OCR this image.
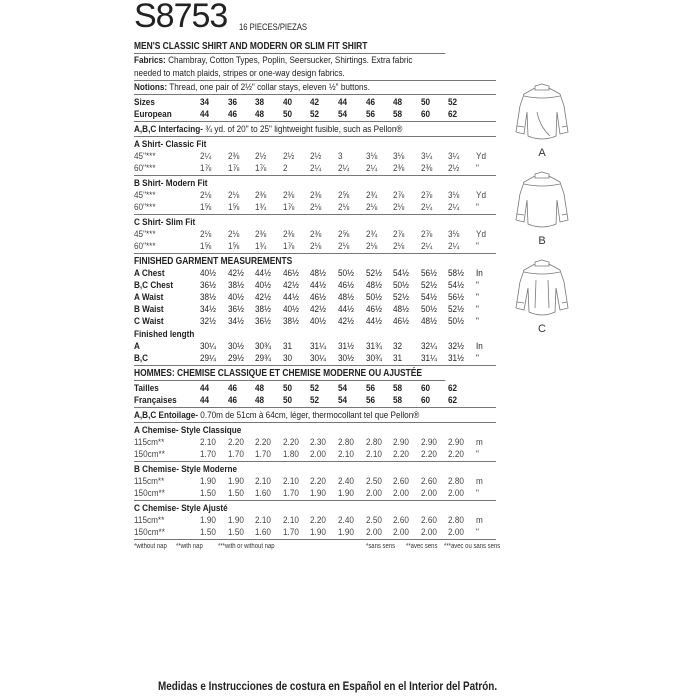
S8753 16 PIECES/PIEZAS
MEN'S CLASSIC SHIRT AND MODERN OR SLIM FIT SHIRT
Fabrics: Chambray, Cotton Types, Poplin, Seersucker, Shirtings. Extra fabric
needed to match plaids, stripes or one-way design fabrics.
Notions: Thread, one pair of 2½" collar stays, eleven ½" buttons.
Sizes	34	36	38	40	42	44	46	48	50	52
European	44	46	48	50	52	54	56	58	60	62
A,B,C Interfacing- ¾ yd. of 20" to 25" lightweight fusible, such as Pellon®
A Shirt- Classic Fit
45"***	2¼	2⅜	2½	2½	2½	3	3⅛	3⅛	3¼	3¼	Yd
60"***	1⅞	1⅞	1⅞	2	2¼	2¼	2¼	2⅜	2⅜	2½	"
B Shirt- Modern Fit
45"***	2⅛	2⅛	2⅜	2⅜	2⅜	2⅝	2¾	2⅞	2⅞	3⅛	Yd
60"***	1⅝	1⅝	1¾	1⅞	2⅛	2⅛	2⅛	2⅛	2¼	2¼	"
C Shirt- Slim Fit
45"***	2⅛	2⅛	2⅜	2⅜	2⅜	2⅝	2¾	2⅞	2⅞	3⅛	Yd
60"***	1⅝	1⅝	1¾	1⅞	2⅛	2⅛	2⅛	2⅛	2¼	2¼	"
FINISHED GARMENT MEASUREMENTS
A Chest	40½	42½	44½	46½	48½	50½	52½	54½	56½	58½	In
B,C Chest	36½	38½	40½	42½	44½	46½	48½	50½	52½	54½	"
A Waist	38½	40½	42½	44½	46½	48½	50½	52½	54½	56½	"
B Waist	34½	36½	38½	40½	42½	44½	46½	48½	50½	52½	"
C Waist	32½	34½	36½	38½	40½	42½	44½	46½	48½	50½	"
Finished length
A	30¼	30½	30¾	31	31¼	31½	31¾	32	32¼	32½	In
B,C	29¼	29½	29¾	30	30¼	30½	30¾	31	31¼	31½	"
HOMMES: CHEMISE CLASSIQUE ET CHEMISE MODERNE OU AJUSTÉE
Tailles	44	46	48	50	52	54	56	58	60	62
Françaises	44	46	48	50	52	54	56	58	60	62
A,B,C Entoilage- 0.70m de 51cm à 64cm, léger, thermocollant tel que Pellon®
A Chemise- Style Classique
115cm**	2.10	2.20	2.20	2.20	2.30	2.80	2.80	2.90	2.90	2.90	m
150cm**	1.70	1.70	1.70	1.80	2.00	2.10	2.10	2.20	2.20	2.20	"
B Chemise- Style Moderne
115cm**	1.90	1.90	2.10	2.10	2.20	2.40	2.50	2.60	2.60	2.80	m
150cm**	1.50	1.50	1.60	1.70	1.90	1.90	2.00	2.00	2.00	2.00	"
C Chemise- Style Ajusté
115cm**	1.90	1.90	2.10	2.10	2.20	2.40	2.50	2.60	2.60	2.80	m
150cm**	1.50	1.50	1.60	1.70	1.90	1.90	2.00	2.00	2.00	2.00	"
*without nap **with nap ***with or without nap	*sans sens **avec sens ***avec ou sans sens
Medidas e Instrucciones de costura en Español en el Interior del Patrón.
A
B
C
